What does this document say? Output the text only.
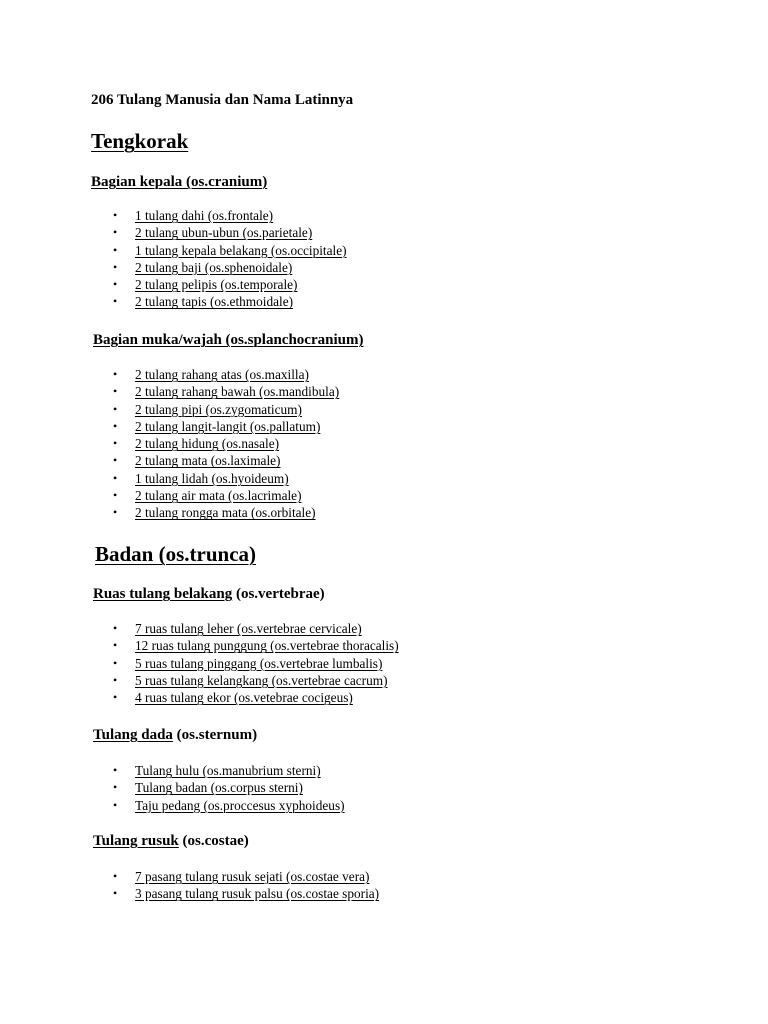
206 Tulang Manusia dan Nama Latinnya
Tengkorak
Bagian kepala (os.cranium)
• 1 tulang dahi (os.frontale)
• 2 tulang ubun-ubun (os.parietale)
• 1 tulang kepala belakang (os.occipitale)
• 2 tulang baji (os.sphenoidale)
• 2 tulang pelipis (os.temporale)
• 2 tulang tapis (os.ethmoidale)
Bagian muka/wajah (os.splanchocranium)
• 2 tulang rahang atas (os.maxilla)
• 2 tulang rahang bawah (os.mandibula)
• 2 tulang pipi (os.zygomaticum)
• 2 tulang langit-langit (os.pallatum)
• 2 tulang hidung (os.nasale)
• 2 tulang mata (os.laximale)
• 1 tulang lidah (os.hyoideum)
• 2 tulang air mata (os.lacrimale)
• 2 tulang rongga mata (os.orbitale)
Badan (os.trunca)
Ruas tulang belakang (os.vertebrae)
• 7 ruas tulang leher (os.vertebrae cervicale)
• 12 ruas tulang punggung (os.vertebrae thoracalis)
• 5 ruas tulang pinggang (os.vertebrae lumbalis)
• 5 ruas tulang kelangkang (os.vertebrae cacrum)
• 4 ruas tulang ekor (os.vetebrae cocigeus)
Tulang dada (os.sternum)
• Tulang hulu (os.manubrium sterni)
• Tulang badan (os.corpus sterni)
• Taju pedang (os.proccesus xyphoideus)
Tulang rusuk (os.costae)
• 7 pasang tulang rusuk sejati (os.costae vera)
• 3 pasang tulang rusuk palsu (os.costae sporia)
